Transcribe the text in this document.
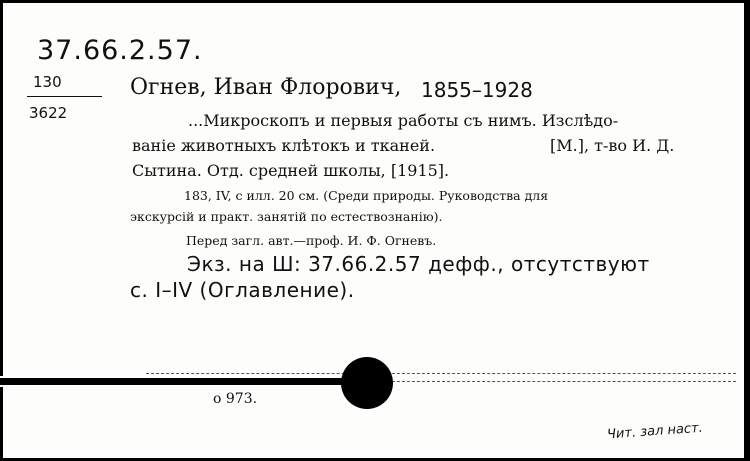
37.66.2.57.
130
3622
Огнев, Иван Флорович, 1855–1928
...Микроскопъ и первыя работы съ нимъ. Изслѣдо-
ваніе животныхъ клѣтокъ и тканей.	[М.], т-во И. Д.
Сытина. Отд. средней школы, [1915].
183, IV, с илл. 20 см. (Среди природы. Руководства для
экскурсій и практ. занятій по естествознанію).
Перед загл. авт.—проф. И. Ф. Огневъ.
Экз. на Ш: 37.66.2.57 дефф., отсутствуют
с. I–IV (Оглавление).
о 973.
Чит. зал наст.
